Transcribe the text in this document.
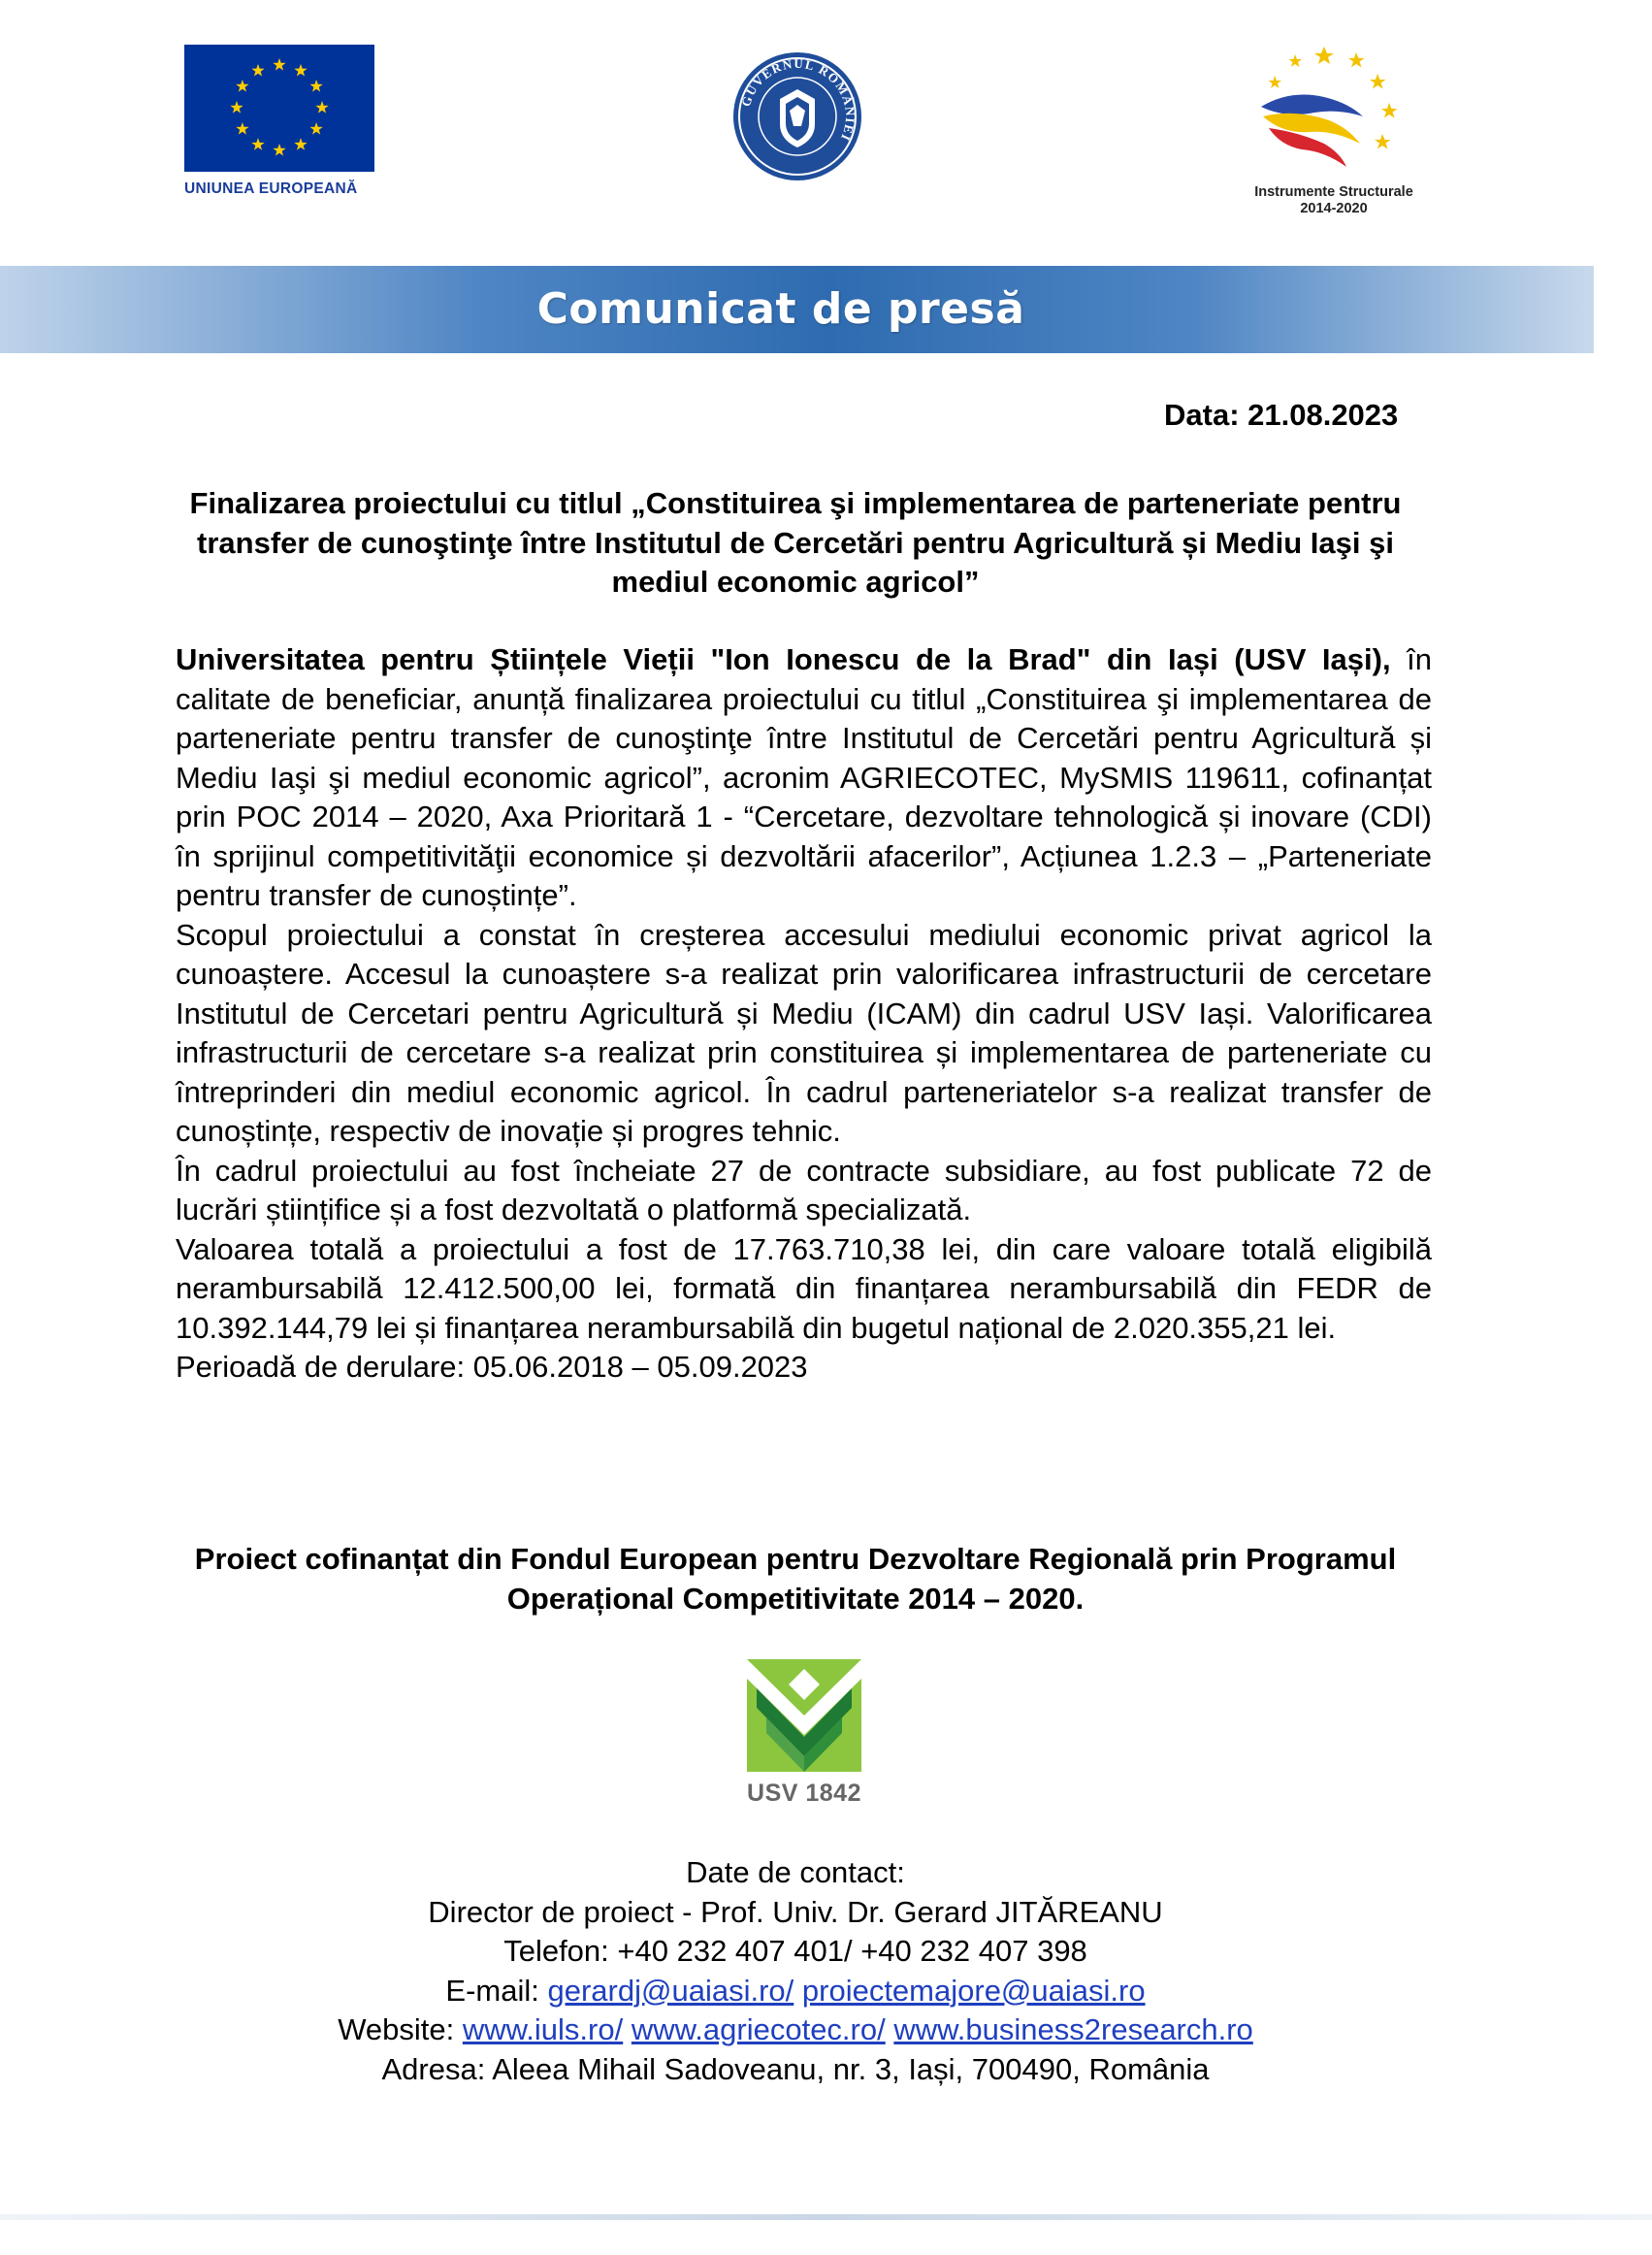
UNIUNEA EUROPEANĂ
GUVERNUL ROMÂNIEI
Instrumente Structurale
2014-2020
Comunicat de presă
Data: 21.08.2023
Finalizarea proiectului cu titlul „Constituirea şi implementarea de parteneriate pentru transfer de cunoştinţe între Institutul de Cercetări pentru Agricultură și Mediu Iaşi şi mediul economic agricol”

Universitatea pentru Științele Vieții "Ion Ionescu de la Brad" din Iași (USV Iași), în calitate de beneficiar, anunță finalizarea proiectului cu titlul „Constituirea şi implementarea de parteneriate pentru transfer de cunoştinţe între Institutul de Cercetări pentru Agricultură și Mediu Iaşi şi mediul economic agricol”, acronim AGRIECOTEC, MySMIS 119611, cofinanțat prin POC 2014 – 2020, Axa Prioritară 1 - “Cercetare, dezvoltare tehnologică și inovare (CDI) în sprijinul competitivităţii economice și dezvoltării afacerilor”, Acțiunea 1.2.3 – „Parteneriate pentru transfer de cunoștințe”.

Scopul proiectului a constat în creșterea accesului mediului economic privat agricol la cunoaștere. Accesul la cunoaștere s-a realizat prin valorificarea infrastructurii de cercetare Institutul de Cercetari pentru Agricultură și Mediu (ICAM) din cadrul USV Iași. Valorificarea infrastructurii de cercetare s-a realizat prin constituirea și implementarea de parteneriate cu întreprinderi din mediul economic agricol. În cadrul parteneriatelor s-a realizat transfer de cunoștințe, respectiv de inovație și progres tehnic.

În cadrul proiectului au fost încheiate 27 de contracte subsidiare, au fost publicate 72 de lucrări științifice și a fost dezvoltată o platformă specializată.

Valoarea totală a proiectului a fost de 17.763.710,38 lei, din care valoare totală eligibilă nerambursabilă 12.412.500,00 lei, formată din finanțarea nerambursabilă din FEDR de 10.392.144,79 lei și finanțarea nerambursabilă din bugetul național de 2.020.355,21 lei.

Perioadă de derulare: 05.06.2018 – 05.09.2023

Proiect cofinanțat din Fondul European pentru Dezvoltare Regională prin Programul Operațional Competitivitate 2014 – 2020.
USV 1842
Date de contact:
Director de proiect - Prof. Univ. Dr. Gerard JITĂREANU
Telefon: +40 232 407 401/ +40 232 407 398
E-mail: gerardj@uaiasi.ro/ proiectemajore@uaiasi.ro
Website: www.iuls.ro/ www.agriecotec.ro/ www.business2research.ro
Adresa: Aleea Mihail Sadoveanu, nr. 3, Iași, 700490, România
